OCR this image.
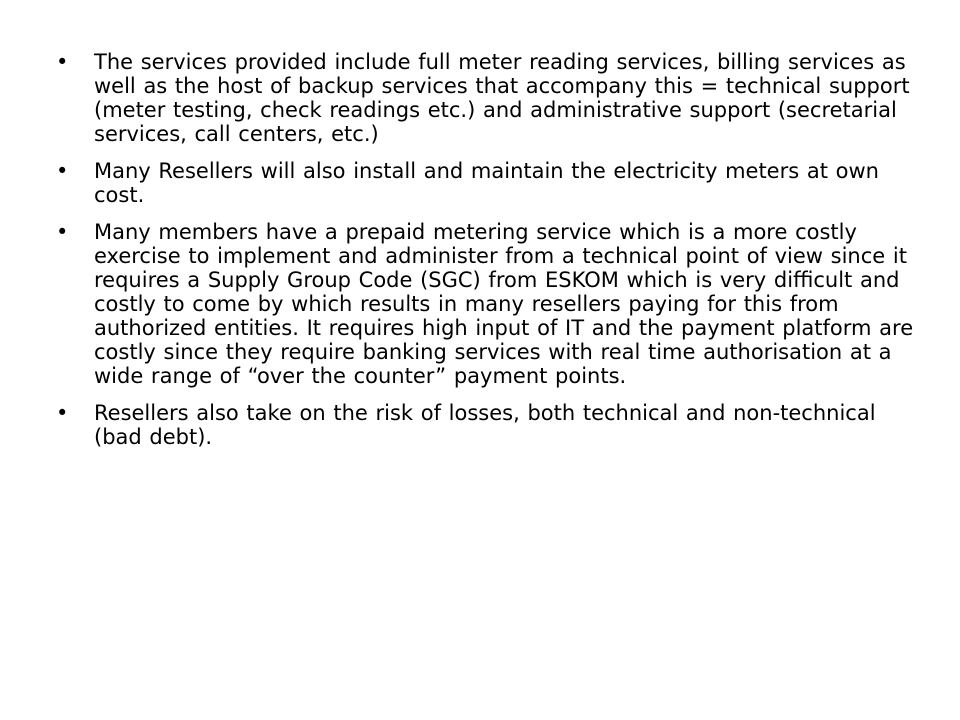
•	The services provided include full meter reading services, billing services as well as the host of backup services that accompany this = technical support (meter testing, check readings etc.) and administrative support (secretarial services, call centers, etc.)
•	Many Resellers will also install and maintain the electricity meters at own cost.
•	Many members have a prepaid metering service which is a more costly exercise to implement and administer from a technical point of view since it requires a Supply Group Code (SGC) from ESKOM which is very difficult and costly to come by which results in many resellers paying for this from authorized entities. It requires high input of IT and the payment platform are costly since they require banking services with real time authorisation at a wide range of “over the counter” payment points.
•	Resellers also take on the risk of losses, both technical and non-technical (bad debt).
